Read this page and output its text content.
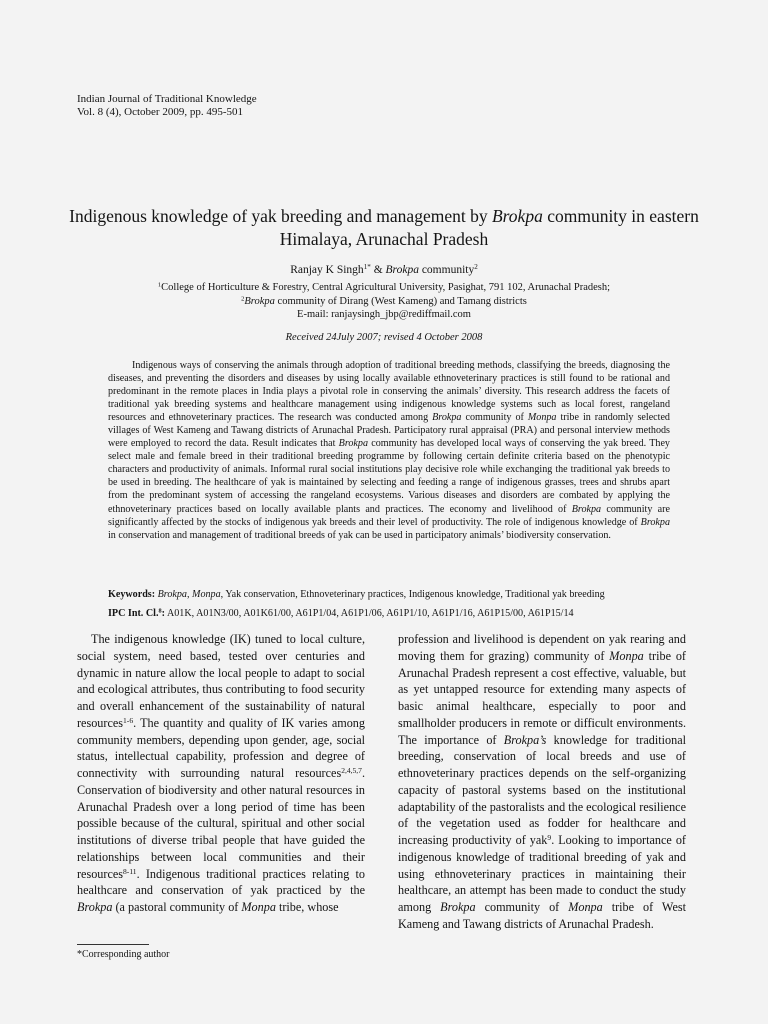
Indian Journal of Traditional Knowledge
Vol. 8 (4), October 2009, pp. 495-501
Indigenous knowledge of yak breeding and management by Brokpa community in eastern Himalaya, Arunachal Pradesh
Ranjay K Singh$^{1*}$ & Brokpa community$^2$
$^1$College of Horticulture & Forestry, Central Agricultural University, Pasighat, 791 102, Arunachal Pradesh;
$^2$Brokpa community of Dirang (West Kameng) and Tamang districts
E-mail: ranjaysingh_jbp@rediffmail.com
Received 24July 2007; revised 4 October 2008

Indigenous ways of conserving the animals through adoption of traditional breeding methods, classifying the breeds, diagnosing the diseases, and preventing the disorders and diseases by using locally available ethnoveterinary practices is still found to be rational and predominant in the remote places in India plays a pivotal role in conserving the animals’ diversity. This research address the facets of traditional yak breeding systems and healthcare management using indigenous knowledge systems such as local forest, rangeland resources and ethnoveterinary practices. The research was conducted among Brokpa community of Monpa tribe in randomly selected villages of West Kameng and Tawang districts of Arunachal Pradesh. Participatory rural appraisal (PRA) and personal interview methods were employed to record the data. Result indicates that Brokpa community has developed local ways of conserving the yak breed. They select male and female breed in their traditional breeding programme by following certain definite criteria based on the phenotypic characters and productivity of animals. Informal rural social institutions play decisive role while exchanging the traditional yak breeds to be used in breeding. The healthcare of yak is maintained by selecting and feeding a range of indigenous grasses, trees and shrubs apart from the predominant system of accessing the rangeland ecosystems. Various diseases and disorders are combated by applying the ethnoveterinary practices based on locally available plants and practices. The economy and livelihood of Brokpa community are significantly affected by the stocks of indigenous yak breeds and their level of productivity. The role of indigenous knowledge of Brokpa in conservation and management of traditional breeds of yak can be used in participatory animals’ biodiversity conservation.

Keywords: Brokpa, Monpa, Yak conservation, Ethnoveterinary practices, Indigenous knowledge, Traditional yak breeding
IPC Int. Cl.$^8$: A01K, A01N3/00, A01K61/00, A61P1/04, A61P1/06, A61P1/10, A61P1/16, A61P15/00, A61P15/14

The indigenous knowledge (IK) tuned to local culture, social system, need based, tested over centuries and dynamic in nature allow the local people to adapt to social and ecological attributes, thus contributing to food security and overall enhancement of the sustainability of natural resources$^{1-6}$. The quantity and quality of IK varies among community members, depending upon gender, age, social status, intellectual capability, profession and degree of connectivity with surrounding natural resources$^{2,4,5,7}$. Conservation of biodiversity and other natural resources in Arunachal Pradesh over a long period of time has been possible because of the cultural, spiritual and other social institutions of diverse tribal people that have guided the relationships between local communities and their resources$^{8-11}$. Indigenous traditional practices relating to healthcare and conservation of yak practiced by the Brokpa (a pastoral community of Monpa tribe, whose

profession and livelihood is dependent on yak rearing and moving them for grazing) community of Monpa tribe of Arunachal Pradesh represent a cost effective, valuable, but as yet untapped resource for extending many aspects of basic animal healthcare, especially to poor and smallholder producers in remote or difficult environments. The importance of Brokpa’s knowledge for traditional breeding, conservation of local breeds and use of ethnoveterinary practices depends on the self-organizing capacity of pastoral systems based on the institutional adaptability of the pastoralists and the ecological resilience of the vegetation used as fodder for healthcare and increasing productivity of yak$^9$. Looking to importance of indigenous knowledge of traditional breeding of yak and using ethnoveterinary practices in maintaining their healthcare, an attempt has been made to conduct the study among Brokpa community of Monpa tribe of West Kameng and Tawang districts of Arunachal Pradesh.

*Corresponding author
